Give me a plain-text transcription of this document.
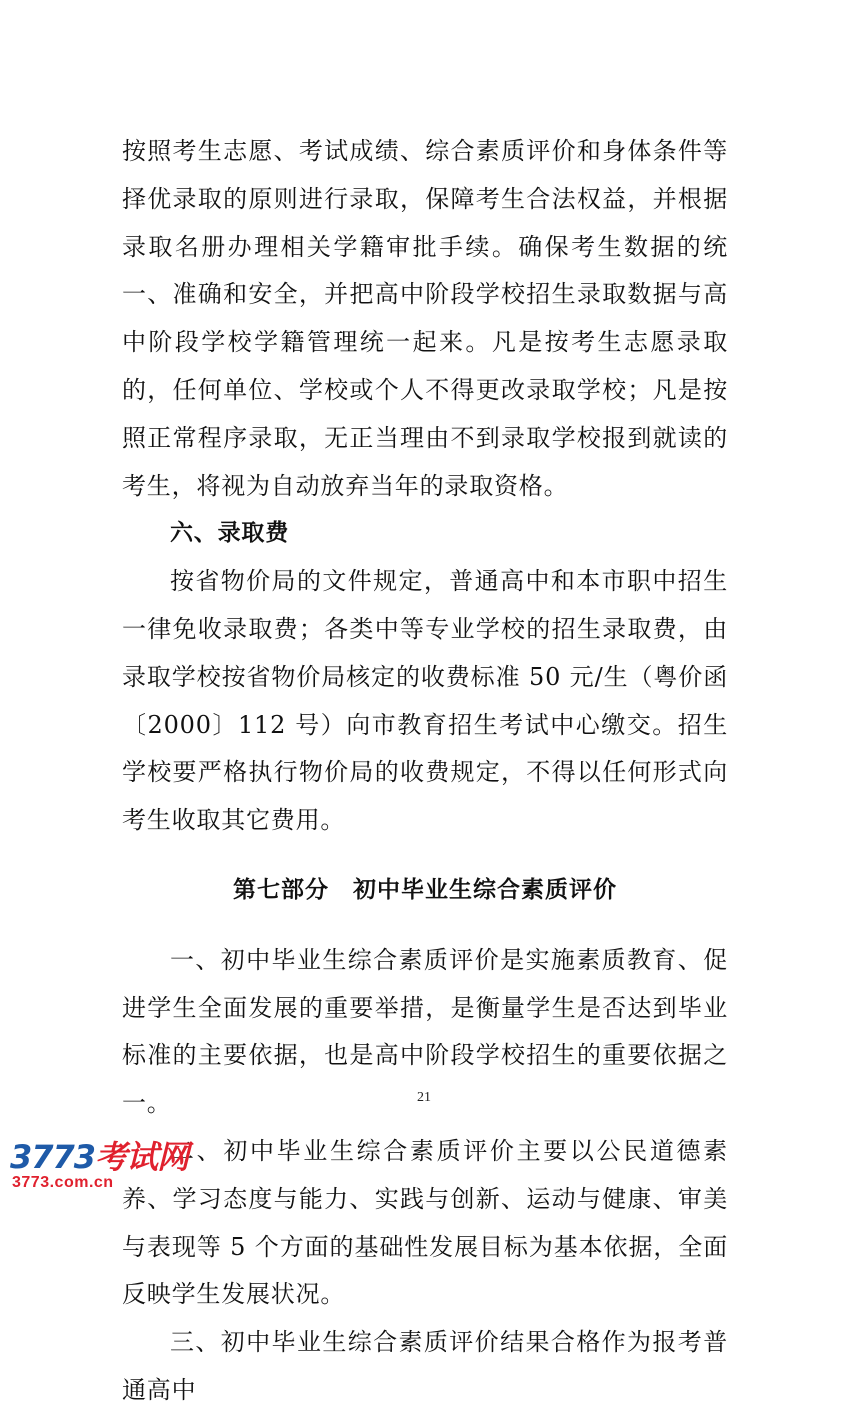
按照考生志愿、考试成绩、综合素质评价和身体条件等择优录取的原则进行录取，保障考生合法权益，并根据录取名册办理相关学籍审批手续。确保考生数据的统一、准确和安全，并把高中阶段学校招生录取数据与高中阶段学校学籍管理统一起来。凡是按考生志愿录取的，任何单位、学校或个人不得更改录取学校；凡是按照正常程序录取，无正当理由不到录取学校报到就读的考生，将视为自动放弃当年的录取资格。

六、录取费

按省物价局的文件规定，普通高中和本市职中招生一律免收录取费；各类中等专业学校的招生录取费，由录取学校按省物价局核定的收费标准 50 元/生（粤价函〔2000〕112 号）向市教育招生考试中心缴交。招生学校要严格执行物价局的收费规定，不得以任何形式向考生收取其它费用。

第七部分　初中毕业生综合素质评价

一、初中毕业生综合素质评价是实施素质教育、促进学生全面发展的重要举措，是衡量学生是否达到毕业标准的主要依据，也是高中阶段学校招生的重要依据之一。

二、初中毕业生综合素质评价主要以公民道德素养、学习态度与能力、实践与创新、运动与健康、审美与表现等 5 个方面的基础性发展目标为基本依据，全面反映学生发展状况。

三、初中毕业生综合素质评价结果合格作为报考普通高中

21
3773考试网
3773.com.cn
